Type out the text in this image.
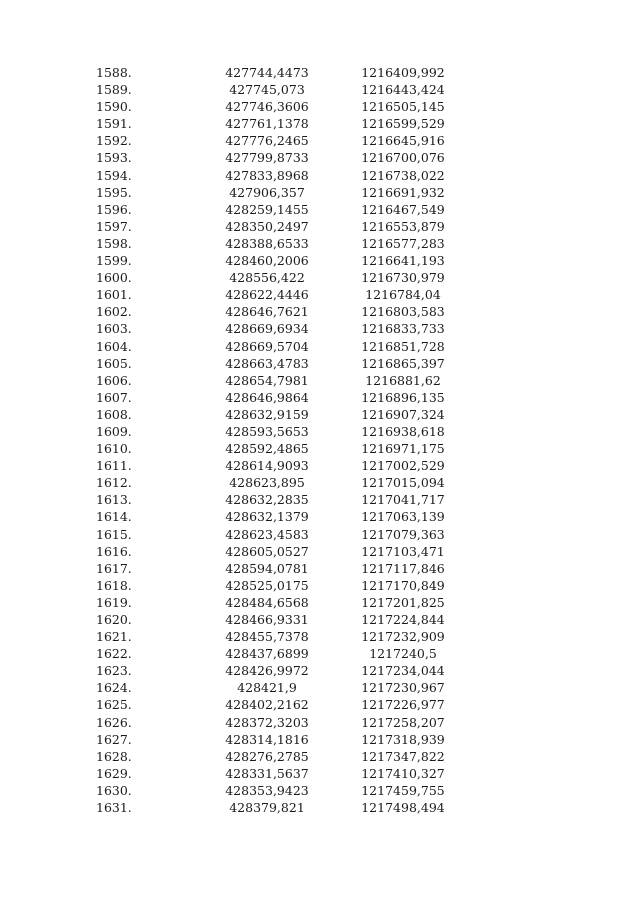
1588.	427744,4473	1216409,992
1589.	427745,073	1216443,424
1590.	427746,3606	1216505,145
1591.	427761,1378	1216599,529
1592.	427776,2465	1216645,916
1593.	427799,8733	1216700,076
1594.	427833,8968	1216738,022
1595.	427906,357	1216691,932
1596.	428259,1455	1216467,549
1597.	428350,2497	1216553,879
1598.	428388,6533	1216577,283
1599.	428460,2006	1216641,193
1600.	428556,422	1216730,979
1601.	428622,4446	1216784,04
1602.	428646,7621	1216803,583
1603.	428669,6934	1216833,733
1604.	428669,5704	1216851,728
1605.	428663,4783	1216865,397
1606.	428654,7981	1216881,62
1607.	428646,9864	1216896,135
1608.	428632,9159	1216907,324
1609.	428593,5653	1216938,618
1610.	428592,4865	1216971,175
1611.	428614,9093	1217002,529
1612.	428623,895	1217015,094
1613.	428632,2835	1217041,717
1614.	428632,1379	1217063,139
1615.	428623,4583	1217079,363
1616.	428605,0527	1217103,471
1617.	428594,0781	1217117,846
1618.	428525,0175	1217170,849
1619.	428484,6568	1217201,825
1620.	428466,9331	1217224,844
1621.	428455,7378	1217232,909
1622.	428437,6899	1217240,5
1623.	428426,9972	1217234,044
1624.	428421,9	1217230,967
1625.	428402,2162	1217226,977
1626.	428372,3203	1217258,207
1627.	428314,1816	1217318,939
1628.	428276,2785	1217347,822
1629.	428331,5637	1217410,327
1630.	428353,9423	1217459,755
1631.	428379,821	1217498,494
